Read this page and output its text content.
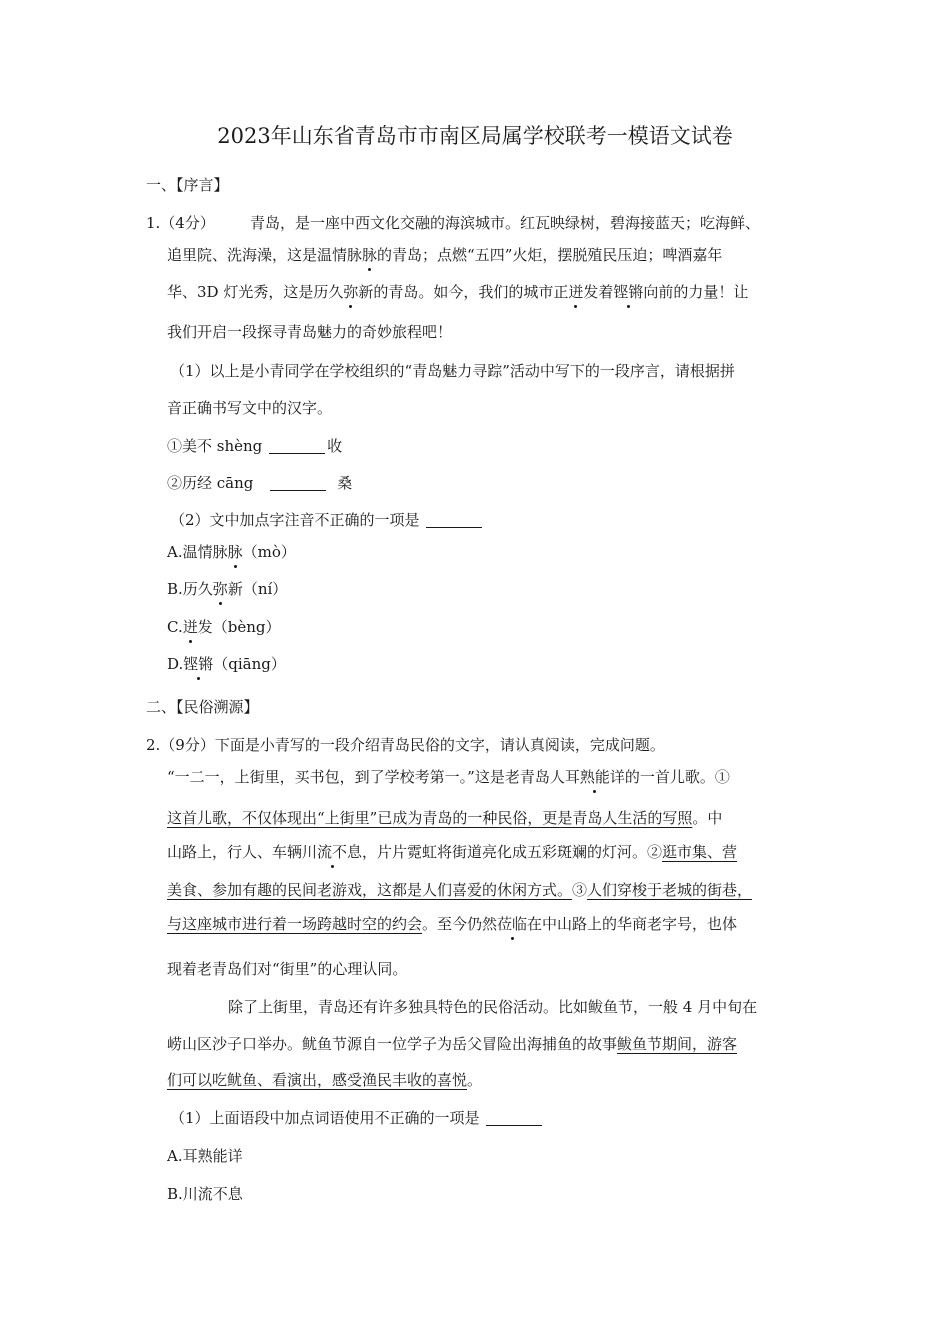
2023年山东省青岛市市南区局属学校联考一模语文试卷
一、【序言】
1.（4分） 青岛，是一座中西文化交融的海滨城市。红瓦映绿树，碧海接蓝天；吃海鲜、
追里院、洗海澡，这是温情脉脉的青岛；点燃“五四”火炬，摆脱殖民压迫；啤酒嘉年
华、3D 灯光秀，这是历久弥新的青岛。如今，我们的城市正迸发着铿锵向前的力量！让
我们开启一段探寻青岛魅力的奇妙旅程吧！
（1）以上是小青同学在学校组织的“青岛魅力寻踪”活动中写下的一段序言，请根据拼
音正确书写文中的汉字。
①美不 shèng	收
②历经 cāng	桑
（2）文中加点字注音不正确的一项是
A.温情脉脉（mò）
B.历久弥新（ní）
C.迸发（bèng）
D.铿锵（qiāng）
二、【民俗溯源】
2.（9分）下面是小青写的一段介绍青岛民俗的文字，请认真阅读，完成问题。
“一二一，上街里，买书包，到了学校考第一。”这是老青岛人耳熟能详的一首儿歌。①
这首儿歌，不仅体现出“上街里”已成为青岛的一种民俗，更是青岛人生活的写照。中
山路上，行人、车辆川流不息，片片霓虹将街道亮化成五彩斑斓的灯河。②逛市集、营
美食、参加有趣的民间老游戏，这都是人们喜爱的休闲方式。③人们穿梭于老城的街巷，
与这座城市进行着一场跨越时空的约会。至今仍然莅临在中山路上的华商老字号，也体
现着老青岛们对“街里”的心理认同。
除了上街里，青岛还有许多独具特色的民俗活动。比如鲅鱼节，一般 4 月中旬在
崂山区沙子口举办。鱿鱼节源自一位学子为岳父冒险出海捕鱼的故事鲅鱼节期间，游客
们可以吃鱿鱼、看演出，感受渔民丰收的喜悦。
（1）上面语段中加点词语使用不正确的一项是
A.耳熟能详
B.川流不息
